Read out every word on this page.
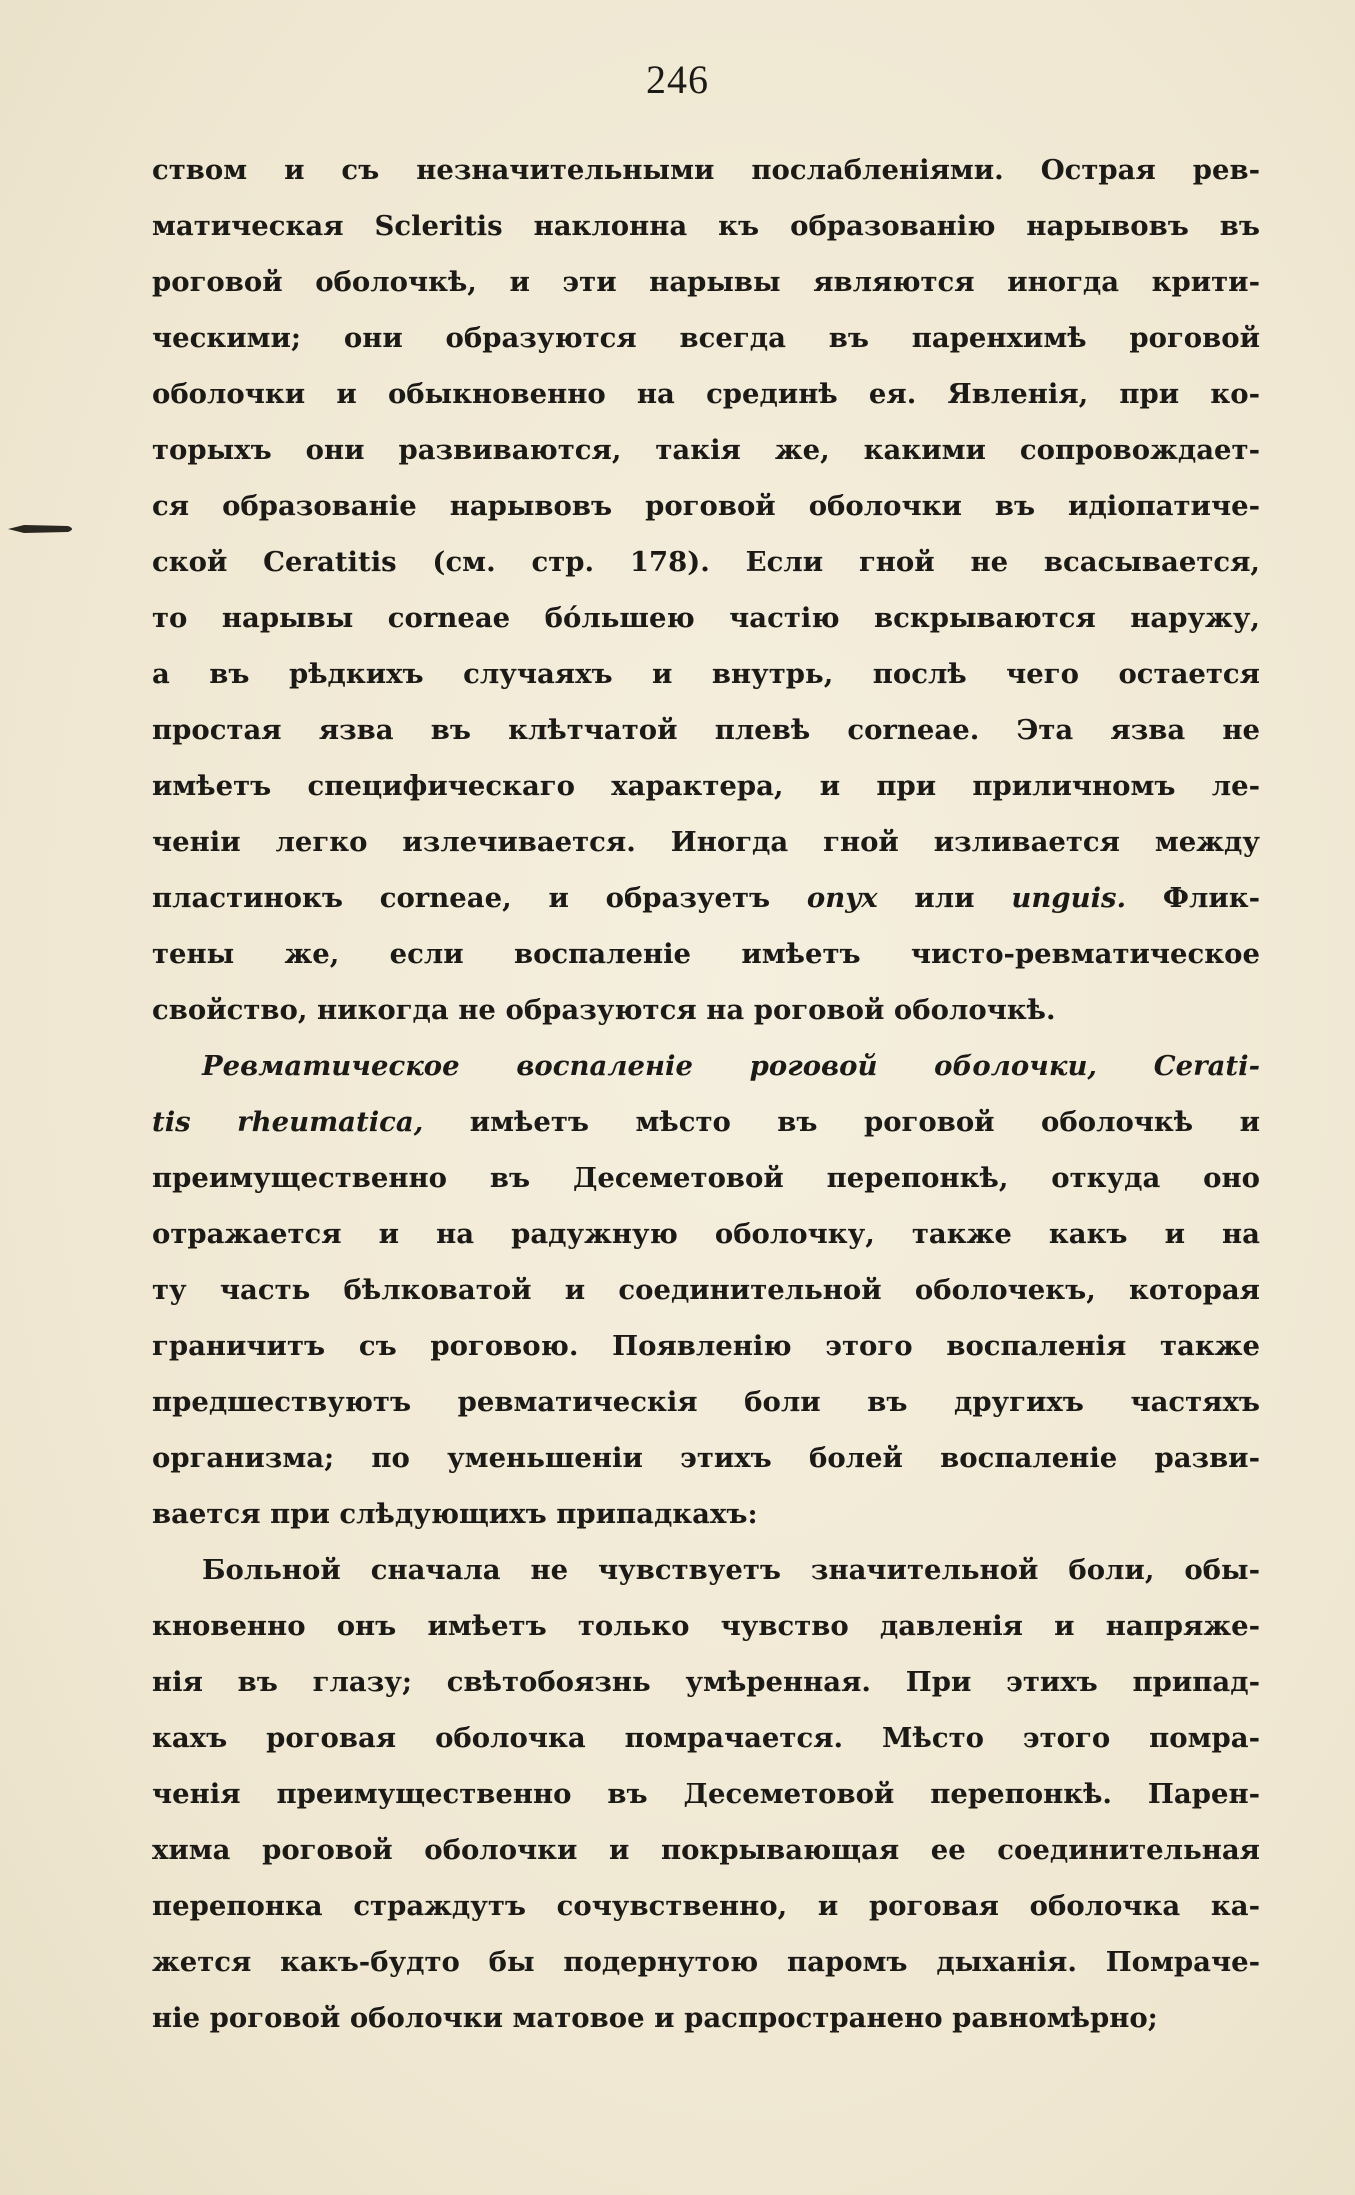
246
ством и съ незначительными послабленіями. Острая рев-
матическая Scleritis наклонна къ образованію нарывовъ въ
роговой оболочкѣ, и эти нарывы являются иногда крити-
ческими; они образуются всегда въ паренхимѣ роговой
оболочки и обыкновенно на срединѣ ея. Явленія, при ко-
торыхъ они развиваются, такія же, какими сопровождает-
ся образованіе нарывовъ роговой оболочки въ идіопатиче-
ской Ceratitis (см. стр. 178). Если гной не всасывается,
то нарывы corneae бóльшею частію вскрываются наружу,
а въ рѣдкихъ случаяхъ и внутрь, послѣ чего остается
простая язва въ клѣтчатой плевѣ corneae. Эта язва не
имѣетъ специфическаго характера, и при приличномъ ле-
ченіи легко излечивается. Иногда гной изливается между
пластинокъ corneae, и образуетъ onyx или unguis. Флик-
тены же, если воспаленіе имѣетъ чисто-ревматическое
свойство, никогда не образуются на роговой оболочкѣ.
Ревматическое воспаленіе роговой оболочки, Cerati-
tis rheumatica, имѣетъ мѣсто въ роговой оболочкѣ и
преимущественно въ Десеметовой перепонкѣ, откуда оно
отражается и на радужную оболочку, также какъ и на
ту часть бѣлковатой и соединительной оболочекъ, которая
граничитъ съ роговою. Появленію этого воспаленія также
предшествуютъ ревматическія боли въ другихъ частяхъ
организма; по уменьшеніи этихъ болей воспаленіе разви-
вается при слѣдующихъ припадкахъ:
Больной сначала не чувствуетъ значительной боли, обы-
кновенно онъ имѣетъ только чувство давленія и напряже-
нія въ глазу; свѣтобоязнь умѣренная. При этихъ припад-
кахъ роговая оболочка помрачается. Мѣсто этого помра-
ченія преимущественно въ Десеметовой перепонкѣ. Парен-
хима роговой оболочки и покрывающая ее соединительная
перепонка страждутъ сочувственно, и роговая оболочка ка-
жется какъ-будто бы подернутою паромъ дыханія. Помраче-
ніе роговой оболочки матовое и распространено равномѣрно;
